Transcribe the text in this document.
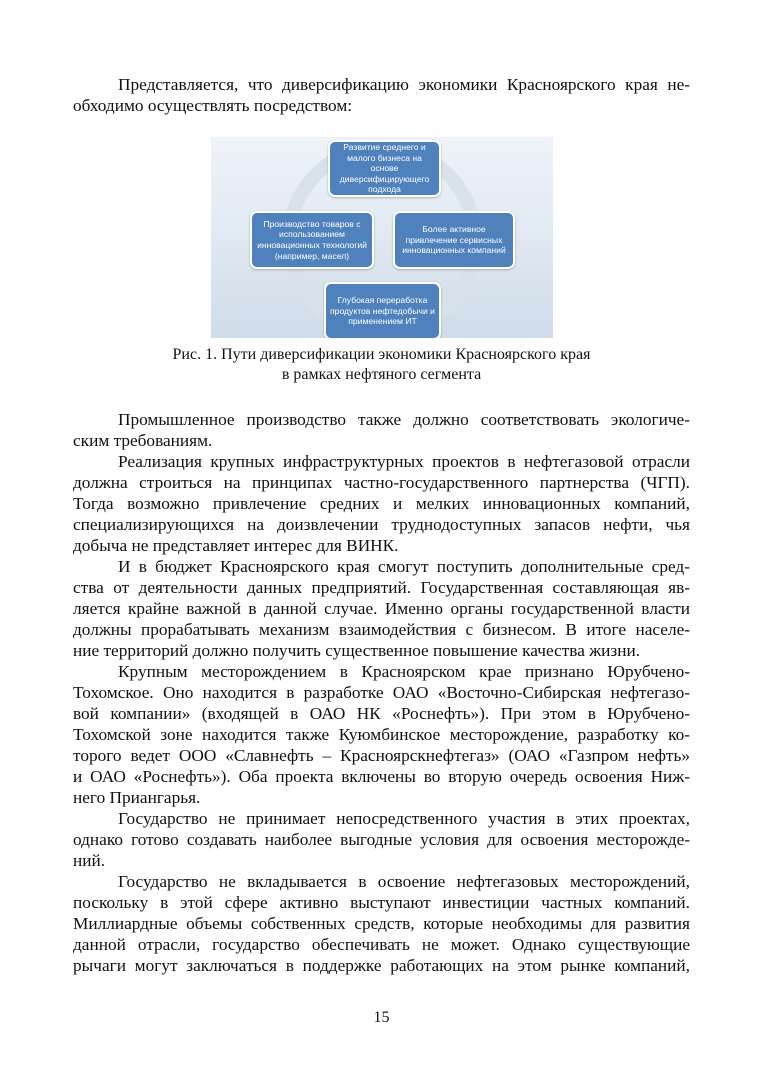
Представляется, что диверсификацию экономики Красноярского края не-
обходимо осуществлять посредством:
Развитие среднего и малого бизнеса на основе диверсифицирующего подхода
Производство товаров с использованием инновационных технологий (например, масел)
Более активное привлечение сервисных инновационных компаний
Глубокая переработка продуктов нефтедобычи и применением ИТ
Рис. 1. Пути диверсификации экономики Красноярского края
в рамках нефтяного сегмента
Промышленное производство также должно соответствовать экологиче-
ским требованиям.
Реализация крупных инфраструктурных проектов в нефтегазовой отрасли
должна строиться на принципах частно-государственного партнерства (ЧГП).
Тогда возможно привлечение средних и мелких инновационных компаний,
специализирующихся на доизвлечении труднодоступных запасов нефти, чья
добыча не представляет интерес для ВИНК.
И в бюджет Красноярского края смогут поступить дополнительные сред-
ства от деятельности данных предприятий. Государственная составляющая яв-
ляется крайне важной в данной случае. Именно органы государственной власти
должны прорабатывать механизм взаимодействия с бизнесом. В итоге населе-
ние территорий должно получить существенное повышение качества жизни.
Крупным месторождением в Красноярском крае признано Юрубчено-
Тохомское. Оно находится в разработке ОАО «Восточно-Сибирская нефтегазо-
вой компании» (входящей в ОАО НК «Роснефть»). При этом в Юрубчено-
Тохомской зоне находится также Куюмбинское месторождение, разработку ко-
торого ведет ООО «Славнефть – Красноярскнефтегаз» (ОАО «Газпром нефть»
и ОАО «Роснефть»). Оба проекта включены во вторую очередь освоения Ниж-
него Приангарья.
Государство не принимает непосредственного участия в этих проектах,
однако готово создавать наиболее выгодные условия для освоения месторожде-
ний.
Государство не вкладывается в освоение нефтегазовых месторождений,
поскольку в этой сфере активно выступают инвестиции частных компаний.
Миллиардные объемы собственных средств, которые необходимы для развития
данной отрасли, государство обеспечивать не может. Однако существующие
рычаги могут заключаться в поддержке работающих на этом рынке компаний,
15
